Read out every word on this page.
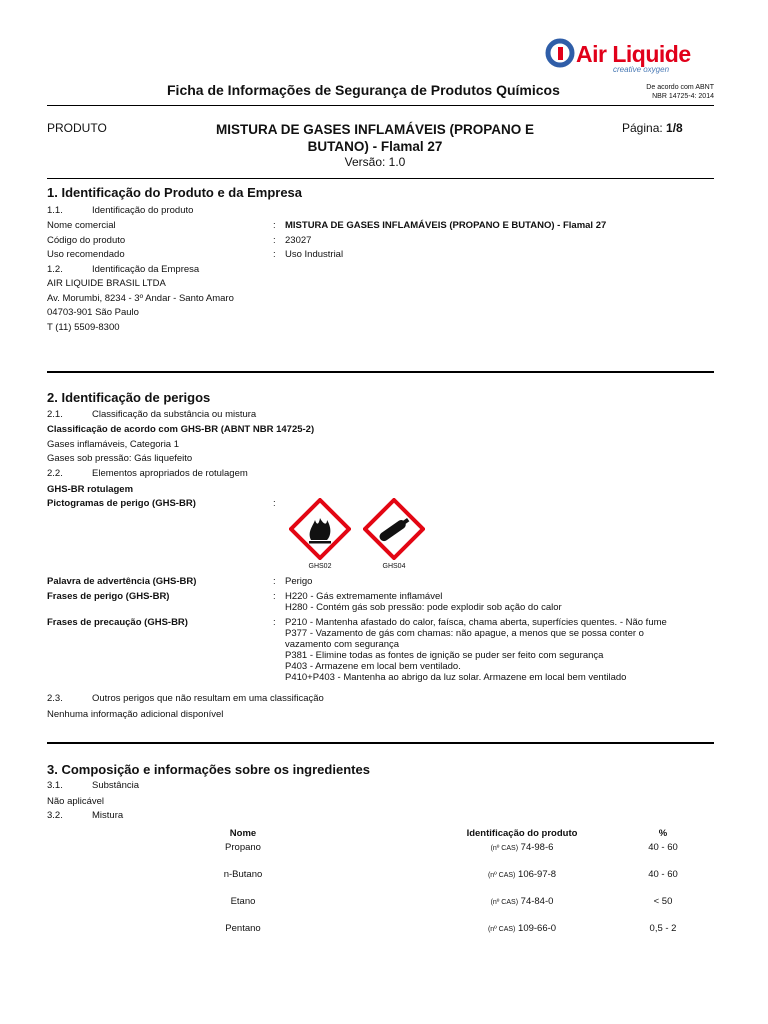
Air Liquide
creative oxygen
Ficha de Informações de Segurança de Produtos Químicos	De acordo com ABNT
NBR 14725-4: 2014
PRODUTO	MISTURA DE GASES INFLAMÁVEIS (PROPANO E BUTANO) - Flamal 27
Versão: 1.0
Página: 1/8
1. Identificação do Produto e da Empresa
1.1.	Identificação do produto
Nome comercial	: MISTURA DE GASES INFLAMÁVEIS (PROPANO E BUTANO) - Flamal 27
Código do produto	: 23027
Uso recomendado	: Uso Industrial
1.2.	Identificação da Empresa
AIR LIQUIDE BRASIL LTDA
Av. Morumbi, 8234 - 3º Andar - Santo Amaro
04703-901 São Paulo
T (11) 5509-8300
2. Identificação de perigos
2.1.	Classificação da substância ou mistura
Classificação de acordo com GHS-BR (ABNT NBR 14725-2)
Gases inflamáveis, Categoria 1
Gases sob pressão: Gás liquefeito
2.2.	Elementos apropriados de rotulagem
GHS-BR rotulagem
Pictogramas de perigo (GHS-BR)	:
GHS02	GHS04
Palavra de advertência (GHS-BR)	: Perigo
Frases de perigo (GHS-BR)	: H220 - Gás extremamente inflamável
H280 - Contém gás sob pressão: pode explodir sob ação do calor
Frases de precaução (GHS-BR)	: P210 - Mantenha afastado do calor, faísca, chama aberta, superfícies quentes. - Não fume
P377 - Vazamento de gás com chamas: não apague, a menos que se possa conter o
vazamento com segurança
P381 - Elimine todas as fontes de ignição se puder ser feito com segurança
P403 - Armazene em local bem ventilado.
P410+P403 - Mantenha ao abrigo da luz solar. Armazene em local bem ventilado
2.3.	Outros perigos que não resultam em uma classificação
Nenhuma informação adicional disponível
3. Composição e informações sobre os ingredientes
3.1.	Substância
Não aplicável
3.2.	Mistura
Nome	Identificação do produto	%
Propano	(nº CAS) 74-98-6	40 - 60
n-Butano	(nº CAS) 106-97-8	40 - 60
Etano	(nº CAS) 74-84-0	< 50
Pentano	(nº CAS) 109-66-0	0,5 - 2
